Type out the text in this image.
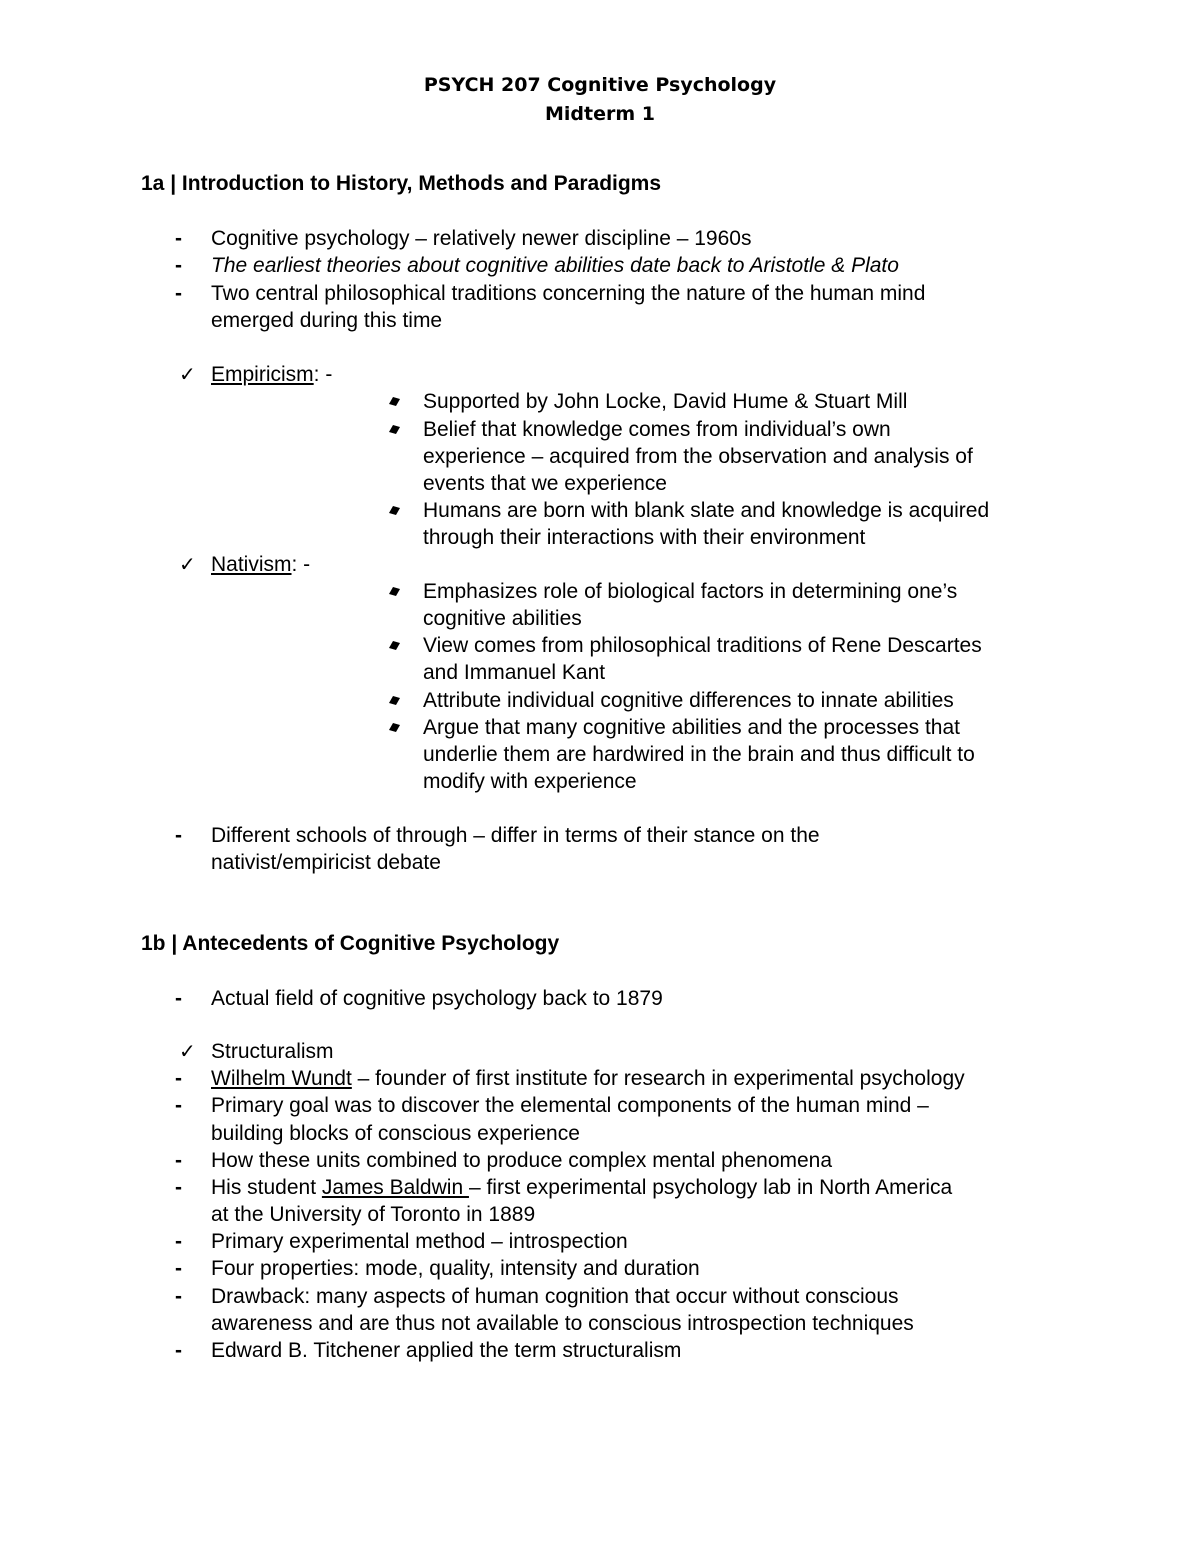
PSYCH 207 Cognitive Psychology
Midterm 1
1a | Introduction to History, Methods and Paradigms
- Cognitive psychology – relatively newer discipline – 1960s
- The earliest theories about cognitive abilities date back to Aristotle & Plato
- Two central philosophical traditions concerning the nature of the human mind
emerged during this time
✓ Empiricism: -
Supported by John Locke, David Hume & Stuart Mill
Belief that knowledge comes from individual’s own
experience – acquired from the observation and analysis of
events that we experience
Humans are born with blank slate and knowledge is acquired
through their interactions with their environment
✓ Nativism: -
Emphasizes role of biological factors in determining one’s
cognitive abilities
View comes from philosophical traditions of Rene Descartes
and Immanuel Kant
Attribute individual cognitive differences to innate abilities
Argue that many cognitive abilities and the processes that
underlie them are hardwired in the brain and thus difficult to
modify with experience
- Different schools of through – differ in terms of their stance on the
nativist/empiricist debate
1b | Antecedents of Cognitive Psychology
- Actual field of cognitive psychology back to 1879
✓ Structuralism
- Wilhelm Wundt – founder of first institute for research in experimental psychology
- Primary goal was to discover the elemental components of the human mind –
building blocks of conscious experience
- How these units combined to produce complex mental phenomena
- His student James Baldwin – first experimental psychology lab in North America
at the University of Toronto in 1889
- Primary experimental method – introspection
- Four properties: mode, quality, intensity and duration
- Drawback: many aspects of human cognition that occur without conscious
awareness and are thus not available to conscious introspection techniques
- Edward B. Titchener applied the term structuralism
